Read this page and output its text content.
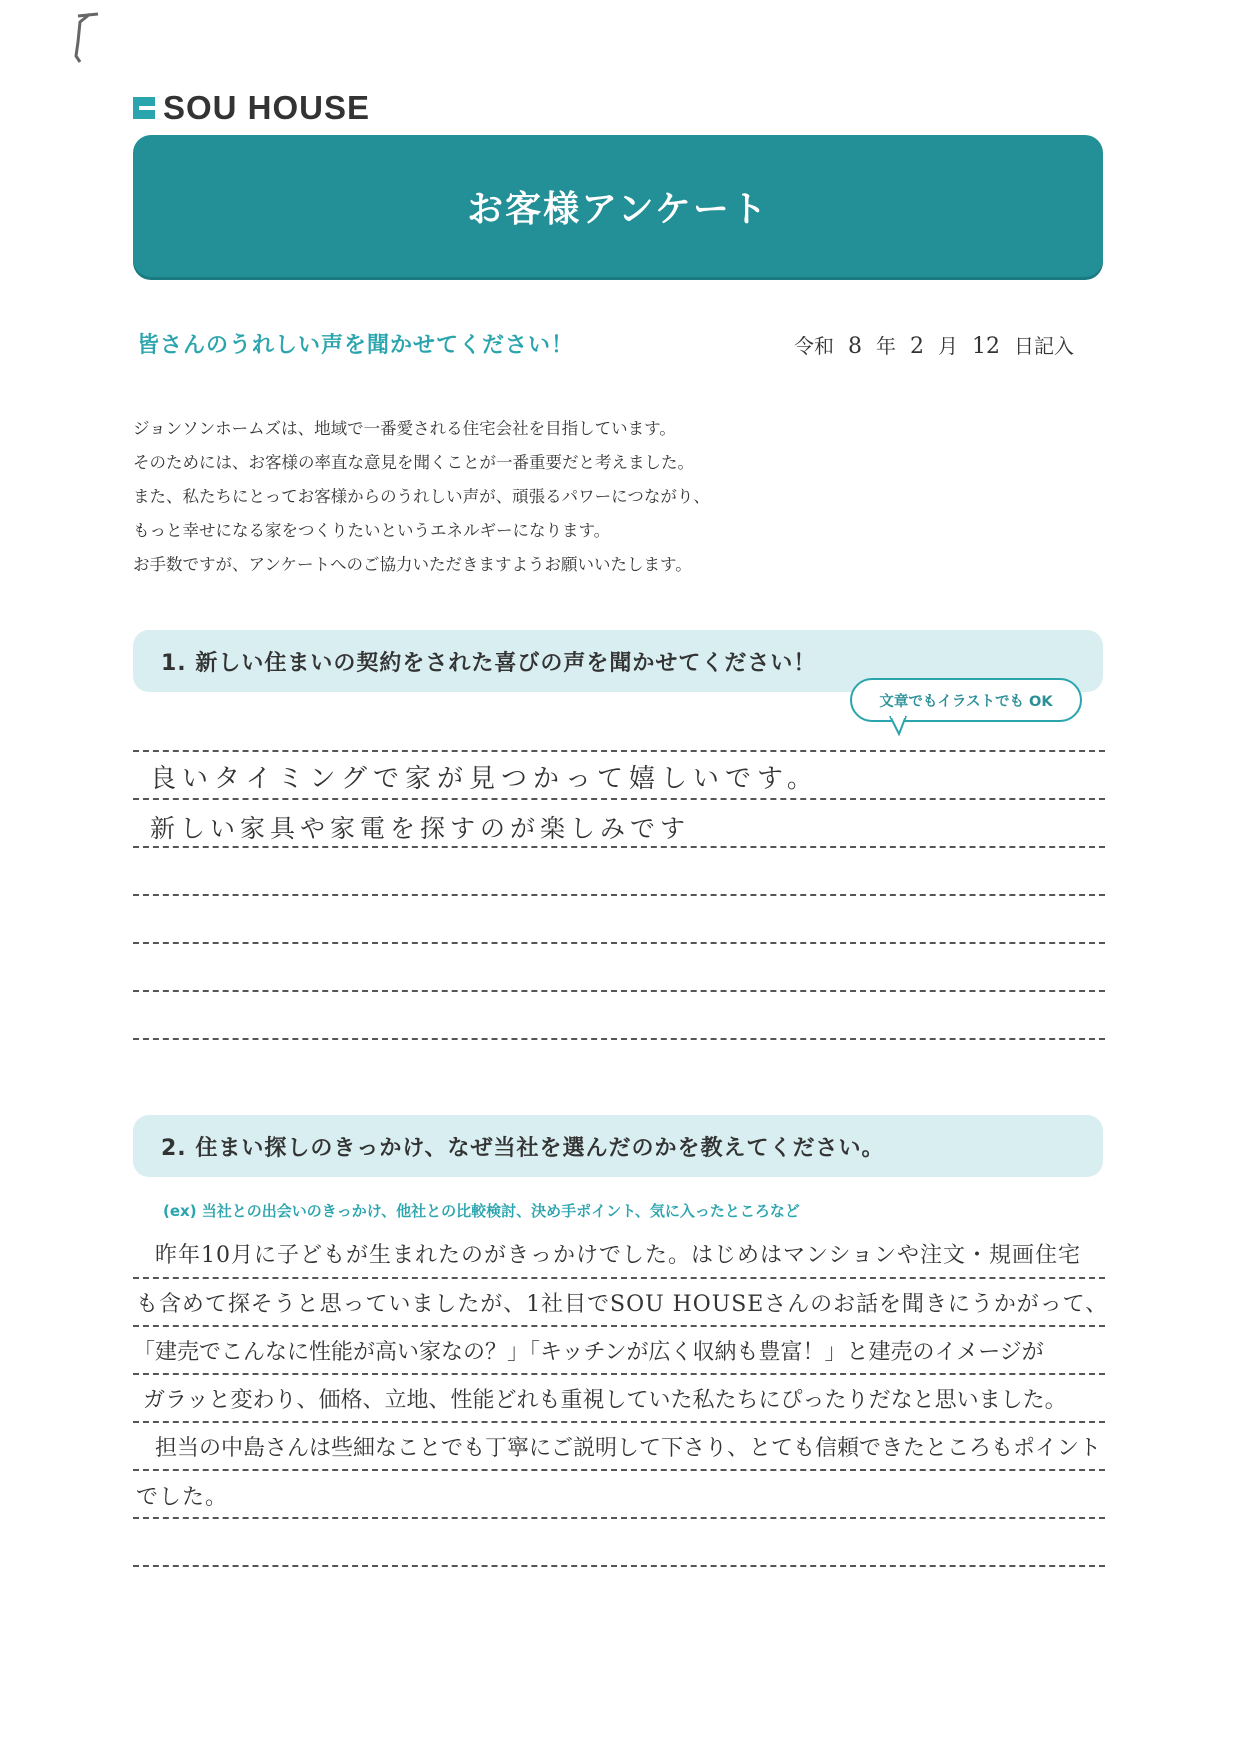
SOU HOUSE
お客様アンケート
皆さんのうれしい声を聞かせてください！	令和 8 年 2 月 12 日記入
ジョンソンホームズは、地域で一番愛される住宅会社を目指しています。
そのためには、お客様の率直な意見を聞くことが一番重要だと考えました。
また、私たちにとってお客様からのうれしい声が、頑張るパワーにつながり、
もっと幸せになる家をつくりたいというエネルギーになります。
お手数ですが、アンケートへのご協力いただきますようお願いいたします。
1. 新しい住まいの契約をされた喜びの声を聞かせてください！
文章でもイラストでも OK
良いタイミングで家が見つかって嬉しいです。
新しい家具や家電を探すのが楽しみです
2. 住まい探しのきっかけ、なぜ当社を選んだのかを教えてください。
(ex) 当社との出会いのきっかけ、他社との比較検討、決め手ポイント、気に入ったところなど
昨年10月に子どもが生まれたのがきっかけでした。はじめはマンションや注文・規画住宅
も含めて探そうと思っていましたが、1社目でSOU HOUSEさんのお話を聞きにうかがって、
「建売でこんなに性能が高い家なの？」「キッチンが広く収納も豊富！」と建売のイメージが
ガラッと変わり、価格、立地、性能どれも重視していた私たちにぴったりだなと思いました。
担当の中島さんは些細なことでも丁寧にご説明して下さり、とても信頼できたところもポイント
でした。
